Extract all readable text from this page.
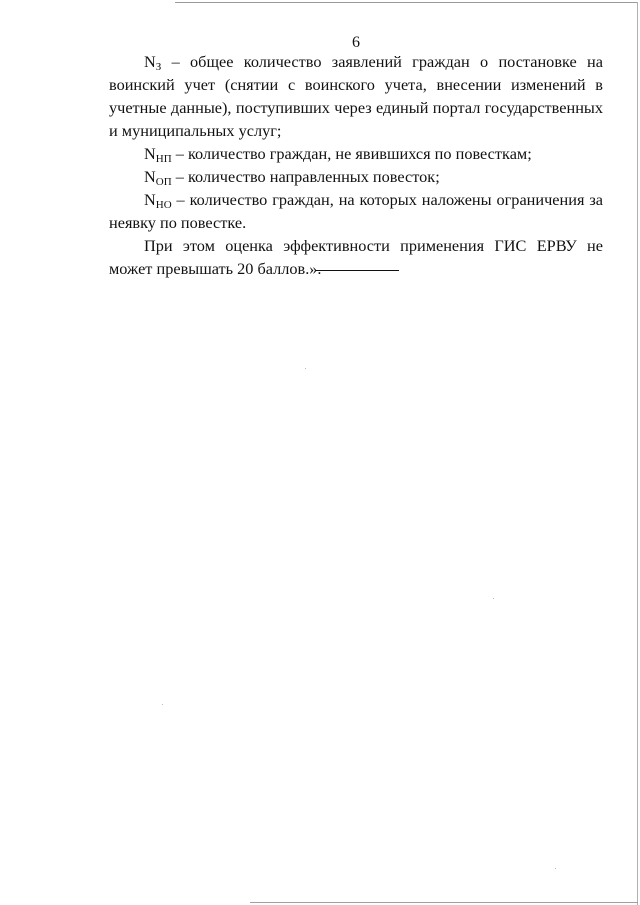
6

$N_З$ – общее количество заявлений граждан о постановке на воинский учет (снятии с воинского учета, внесении изменений в учетные данные), поступивших через единый портал государственных и муниципальных услуг;

$N_{НП}$ – количество граждан, не явившихся по повесткам;

$N_{ОП}$ – количество направленных повесток;

$N_{НО}$ – количество граждан, на которых наложены ограничения за неявку по повестке.

При этом оценка эффективности применения ГИС ЕРВУ не может превышать 20 баллов.».
